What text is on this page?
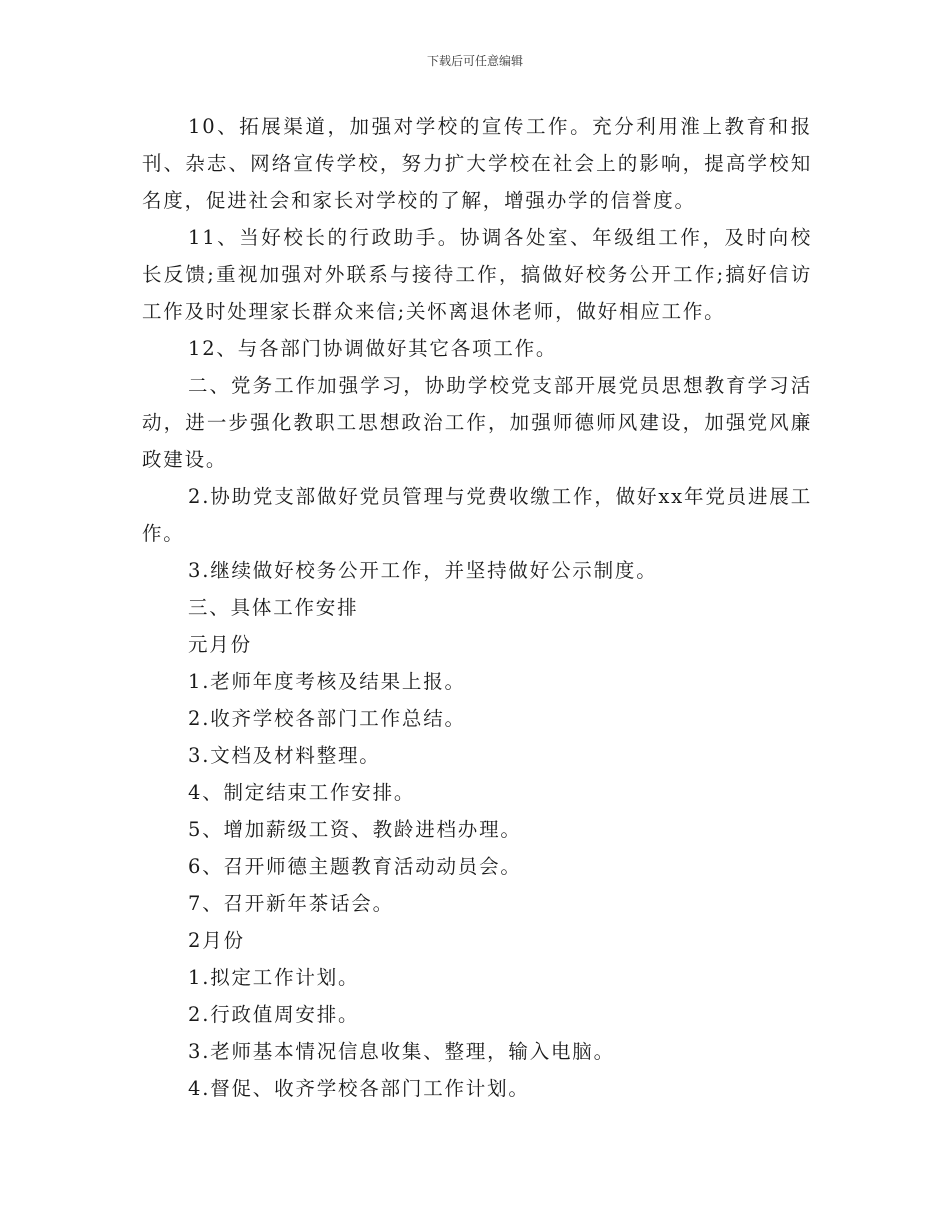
下载后可任意编辑

10、拓展渠道，加强对学校的宣传工作。充分利用淮上教育和报刊、杂志、网络宣传学校，努力扩大学校在社会上的影响，提高学校知名度，促进社会和家长对学校的了解，增强办学的信誉度。

11、当好校长的行政助手。协调各处室、年级组工作，及时向校长反馈;重视加强对外联系与接待工作，搞做好校务公开工作;搞好信访工作及时处理家长群众来信;关怀离退休老师，做好相应工作。

12、与各部门协调做好其它各项工作。

二、党务工作加强学习，协助学校党支部开展党员思想教育学习活动，进一步强化教职工思想政治工作，加强师德师风建设，加强党风廉政建设。

2.协助党支部做好党员管理与党费收缴工作，做好xx年党员进展工作。

3.继续做好校务公开工作，并坚持做好公示制度。

三、具体工作安排

元月份

1.老师年度考核及结果上报。

2.收齐学校各部门工作总结。

3.文档及材料整理。

4、制定结束工作安排。

5、增加薪级工资、教龄进档办理。

6、召开师德主题教育活动动员会。

7、召开新年茶话会。

2月份

1.拟定工作计划。

2.行政值周安排。

3.老师基本情况信息收集、整理，输入电脑。

4.督促、收齐学校各部门工作计划。
